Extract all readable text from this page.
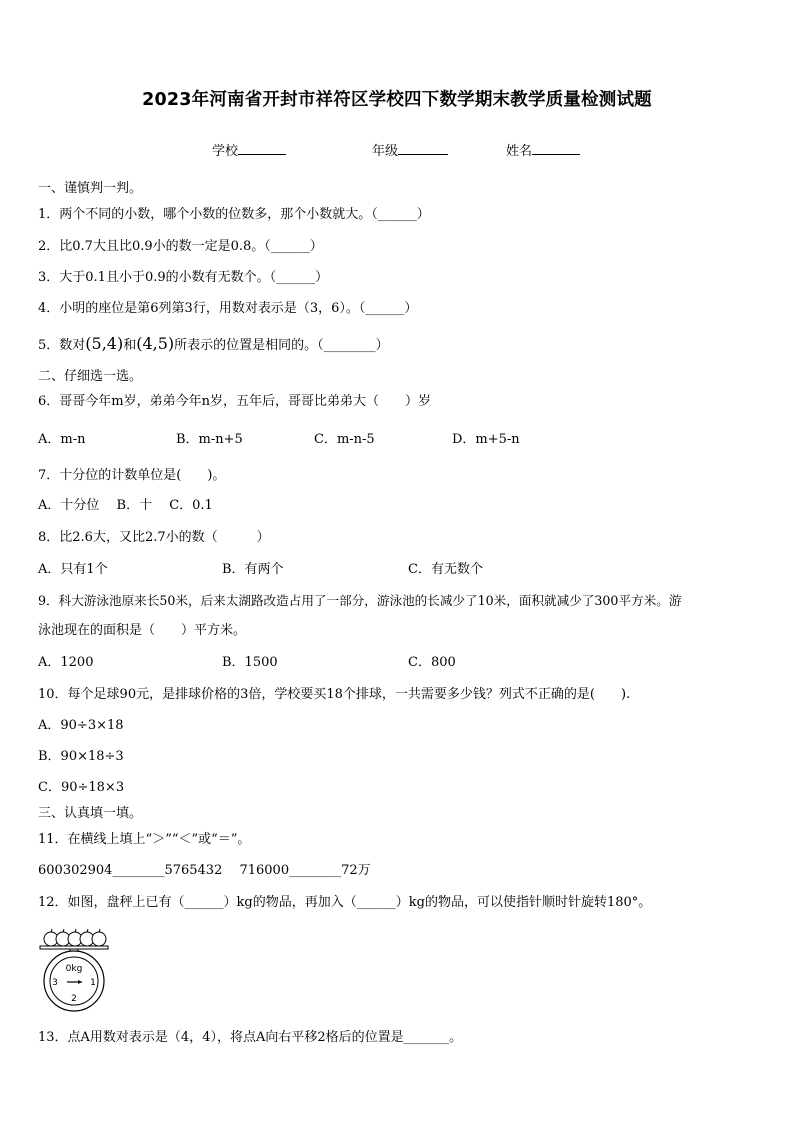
2023年河南省开封市祥符区学校四下数学期末教学质量检测试题
学校	年级	姓名
一、谨慎判一判。
1．两个不同的小数，哪个小数的位数多，那个小数就大。（______）
2．比0.7大且比0.9小的数一定是0.8。（______）
3．大于0.1且小于0.9的小数有无数个。（______）
4．小明的座位是第6列第3行，用数对表示是（3，6）。（______）
5．数对(5,4)和(4,5)所表示的位置是相同的。（________）
二、仔细选一选。
6．哥哥今年m岁，弟弟今年n岁，五年后，哥哥比弟弟大（　　）岁
A．m-n	B．m-n+5	C．m-n-5	D．m+5-n
7．十分位的计数单位是(　　)。
A．十分位　 B．十　 C．0.1
8．比2.6大，又比2.7小的数（　　　）
A．只有1个	B．有两个	C．有无数个
9．科大游泳池原来长50米，后来太湖路改造占用了一部分，游泳池的长减少了10米，面积就减少了300平方米。游
泳池现在的面积是（　　）平方米。
A．1200	B．1500	C．800
10．每个足球90元，是排球价格的3倍，学校要买18个排球，一共需要多少钱？列式不正确的是(　　).
A．90÷3×18
B．90×18÷3
C．90÷18×3
三、认真填一填。
11．在横线上填上“＞”“＜”或“＝”。
600302904________5765432　 716000________72万
12．如图，盘秤上已有（______）kg的物品，再加入（______）kg的物品，可以使指针顺时针旋转180°。
0kg
3	1
2
13．点A用数对表示是（4，4），将点A向右平移2格后的位置是_______。
